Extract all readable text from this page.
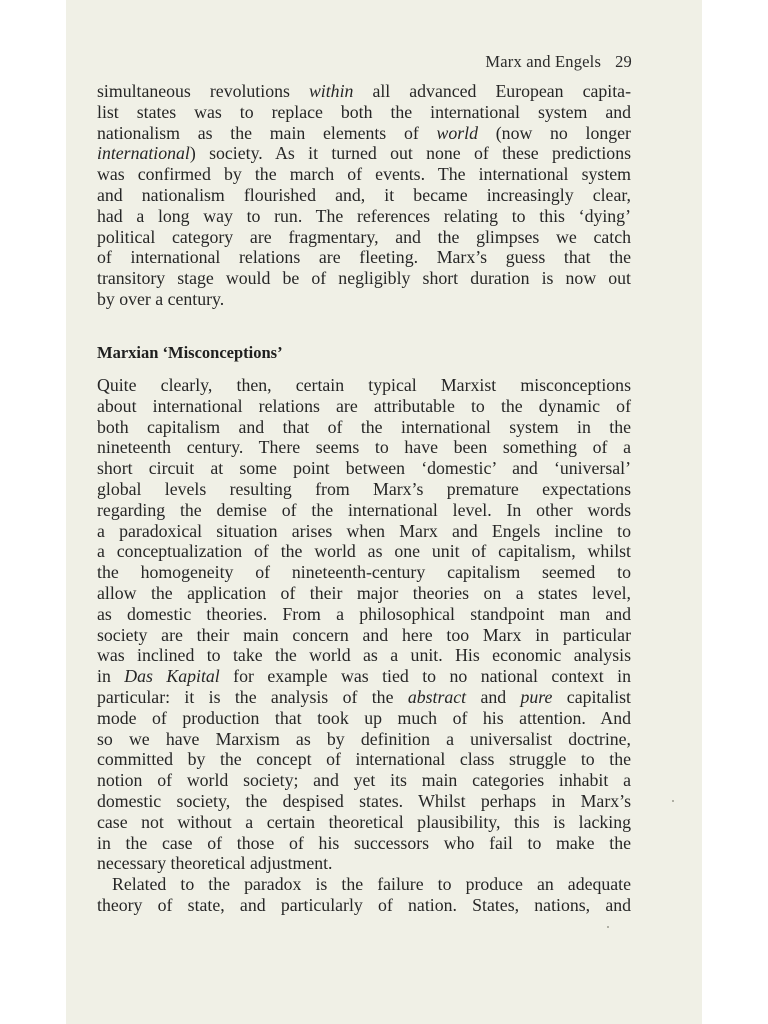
Marx and Engels 29
simultaneous revolutions within all advanced European capita-
list states was to replace both the international system and
nationalism as the main elements of world (now no longer
international) society. As it turned out none of these predictions
was confirmed by the march of events. The international system
and nationalism flourished and, it became increasingly clear,
had a long way to run. The references relating to this ‘dying’
political category are fragmentary, and the glimpses we catch
of international relations are fleeting. Marx’s guess that the
transitory stage would be of negligibly short duration is now out
by over a century.
Marxian ‘Misconceptions’
Quite clearly, then, certain typical Marxist misconceptions
about international relations are attributable to the dynamic of
both capitalism and that of the international system in the
nineteenth century. There seems to have been something of a
short circuit at some point between ‘domestic’ and ‘universal’
global levels resulting from Marx’s premature expectations
regarding the demise of the international level. In other words
a paradoxical situation arises when Marx and Engels incline to
a conceptualization of the world as one unit of capitalism, whilst
the homogeneity of nineteenth-century capitalism seemed to
allow the application of their major theories on a states level,
as domestic theories. From a philosophical standpoint man and
society are their main concern and here too Marx in particular
was inclined to take the world as a unit. His economic analysis
in Das Kapital for example was tied to no national context in
particular: it is the analysis of the abstract and pure capitalist
mode of production that took up much of his attention. And
so we have Marxism as by definition a universalist doctrine,
committed by the concept of international class struggle to the
notion of world society; and yet its main categories inhabit a
domestic society, the despised states. Whilst perhaps in Marx’s
case not without a certain theoretical plausibility, this is lacking
in the case of those of his successors who fail to make the
necessary theoretical adjustment.
Related to the paradox is the failure to produce an adequate
theory of state, and particularly of nation. States, nations, and
